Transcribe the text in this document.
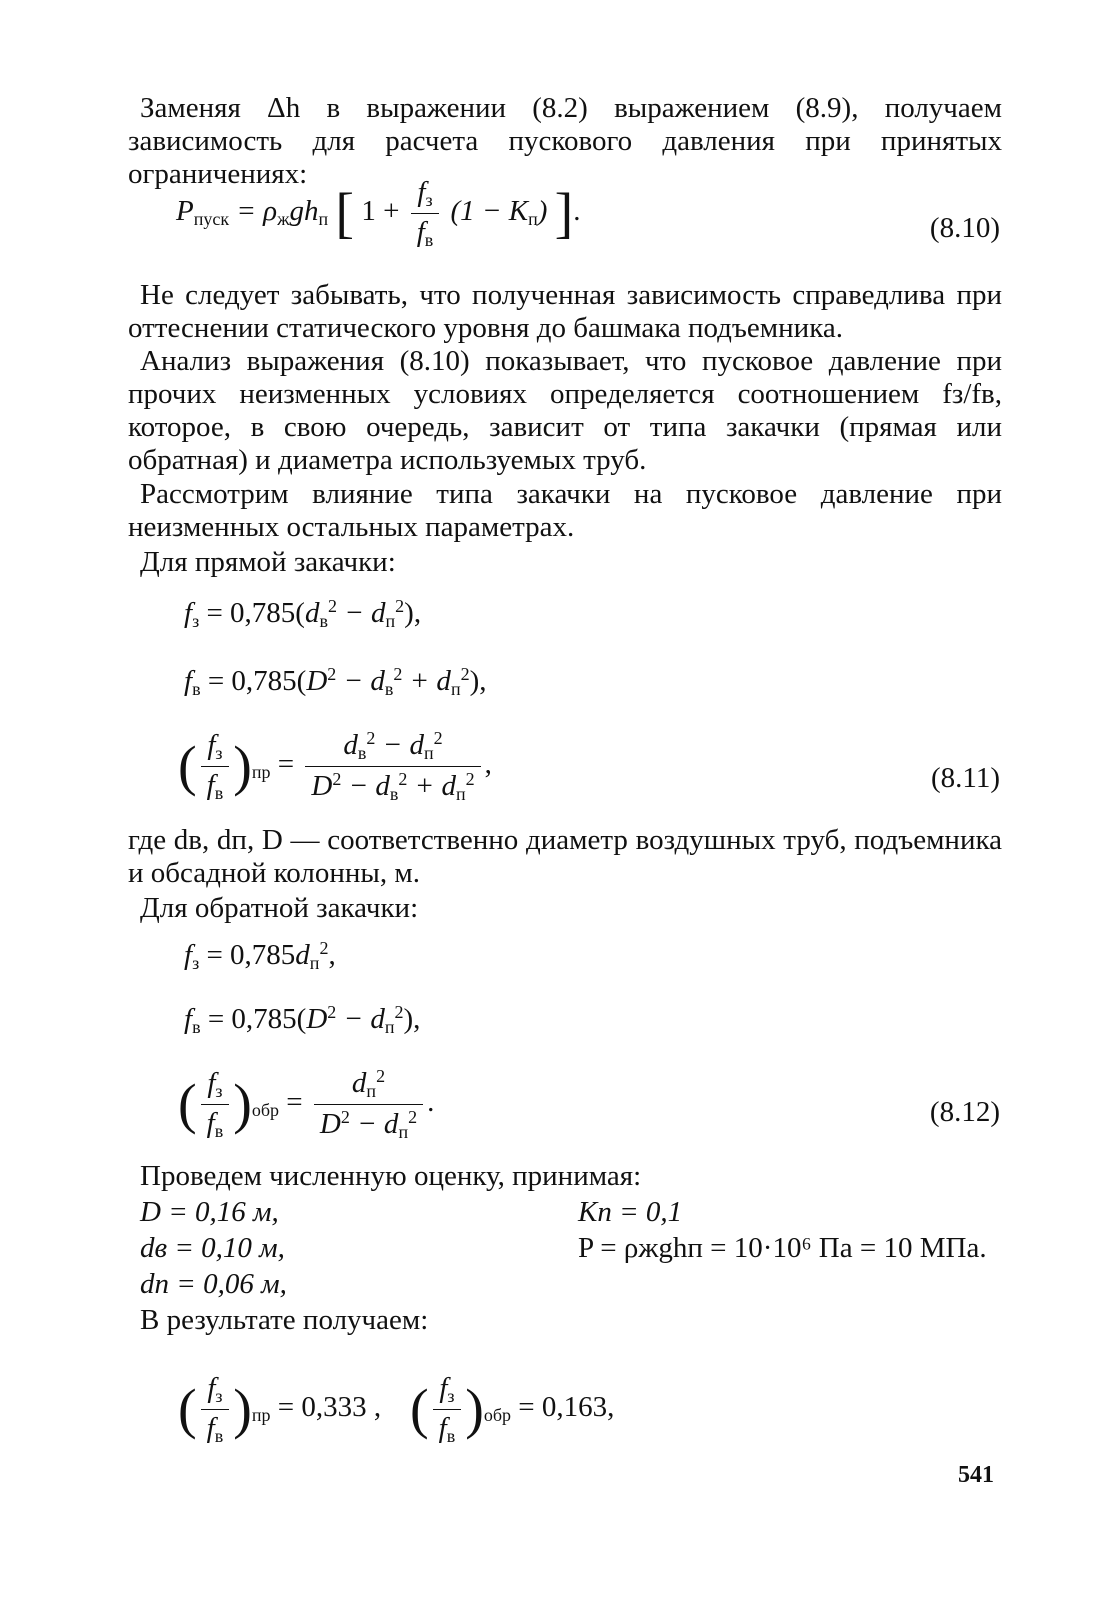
Заменяя Δh в выражении (8.2) выражением (8.9), получаем зависимость для расчета пускового давления при принятых ограничениях:
$P_{пуск} = \rho_жgh_п$ [ $1 + \frac{f_з}{f_в} (1 - K_п)$ ].
(8.10)
Не следует забывать, что полученная зависимость справедлива при оттеснении статического уровня до башмака подъемника.
Анализ выражения (8.10) показывает, что пусковое давление при прочих неизменных условиях определяется соотношением fз/fв, которое, в свою очередь, зависит от типа закачки (прямая или обратная) и диаметра используемых труб.
Рассмотрим влияние типа закачки на пусковое давление при неизменных остальных параметрах.
Для прямой закачки:
$f_з = 0,785(d_в^2 - d_п^2)$,
$f_в = 0,785(D^2 - d_в^2 + d_п^2)$,
( $\frac{f_з}{f_в} )_{пр} = \frac{d_в^2 - d_п^2}{D^2 - d_в^2 + d_п^2}$ ,	(8.11)
где dв, dп, D — соответственно диаметр воздушных труб, подъемника и обсадной колонны, м.
Для обратной закачки:
$f_з = 0,785d_п^2$,
$f_в = 0,785(D^2 - d_п^2)$,
( $\frac{f_з}{f_в} )_{обр} = \frac{d_п^2}{D^2 - d_п^2}$ .	(8.12)
Проведем численную оценку, принимая:
D = 0,16 м,
dв = 0,10 м,
dп = 0,06 м,
Kп = 0,1
P = ρжghп = 10·10⁶ Па = 10 МПа.
В результате получаем:
( $\frac{f_з}{f_в} )_{пр} = 0,333$ , ( $\frac{f_з}{f_в} )_{обр} = 0,163$,
541
